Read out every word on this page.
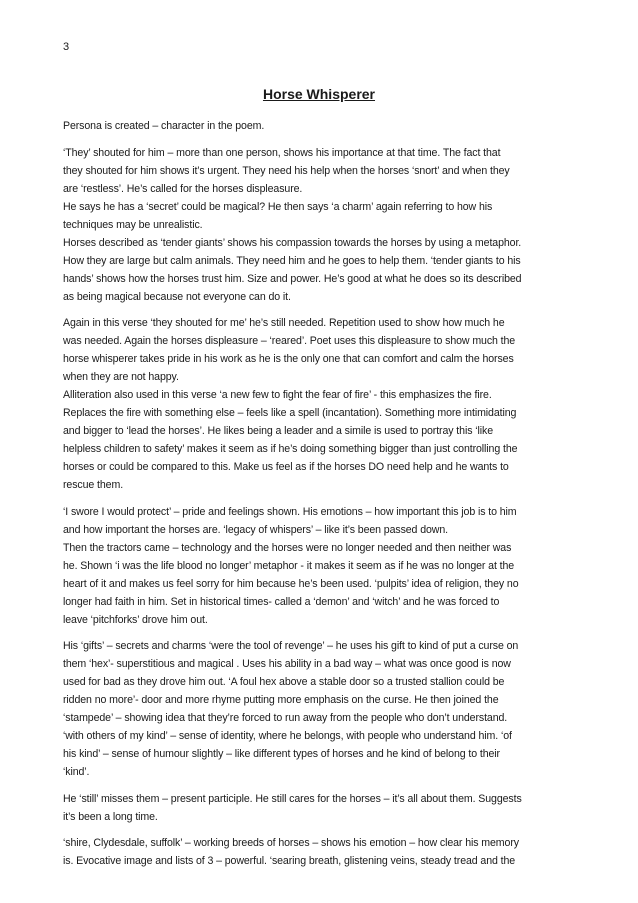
3
Horse Whisperer
Persona is created – character in the poem.
‘They’ shouted for him – more than one person, shows his importance at that time. The fact that
they shouted for him shows it’s urgent. They need his help when the horses ‘snort’ and when they
are ‘restless’. He’s called for the horses displeasure.
He says he has a ‘secret’ could be magical? He then says ‘a charm’ again referring to how his
techniques may be unrealistic.
Horses described as ‘tender giants’ shows his compassion towards the horses by using a metaphor.
How they are large but calm animals. They need him and he goes to help them. ‘tender giants to his
hands’ shows how the horses trust him. Size and power. He’s good at what he does so its described
as being magical because not everyone can do it.
Again in this verse ‘they shouted for me’ he’s still needed. Repetition used to show how much he
was needed. Again the horses displeasure – ‘reared’. Poet uses this displeasure to show much the
horse whisperer takes pride in his work as he is the only one that can comfort and calm the horses
when they are not happy.
Alliteration also used in this verse ‘a new few to fight the fear of fire’ - this emphasizes the fire.
Replaces the fire with something else – feels like a spell (incantation). Something more intimidating
and bigger to ‘lead the horses’. He likes being a leader and a simile is used to portray this ‘like
helpless children to safety’ makes it seem as if he’s doing something bigger than just controlling the
horses or could be compared to this. Make us feel as if the horses DO need help and he wants to
rescue them.
‘I swore I would protect’ – pride and feelings shown. His emotions – how important this job is to him
and how important the horses are. ‘legacy of whispers’ – like it’s been passed down.
Then the tractors came – technology and the horses were no longer needed and then neither was
he. Shown ‘i was the life blood no longer’ metaphor - it makes it seem as if he was no longer at the
heart of it and makes us feel sorry for him because he’s been used. ‘pulpits’ idea of religion, they no
longer had faith in him. Set in historical times- called a ‘demon’ and ‘witch’ and he was forced to
leave ‘pitchforks’ drove him out.
His ‘gifts’ – secrets and charms ‘were the tool of revenge’ – he uses his gift to kind of put a curse on
them ‘hex’- superstitious and magical . Uses his ability in a bad way – what was once good is now
used for bad as they drove him out. ‘A foul hex above a stable door so a trusted stallion could be
ridden no more’- door and more rhyme putting more emphasis on the curse. He then joined the
‘stampede’ – showing idea that they’re forced to run away from the people who don’t understand.
‘with others of my kind’ – sense of identity, where he belongs, with people who understand him. ‘of
his kind’ – sense of humour slightly – like different types of horses and he kind of belong to their
‘kind’.
He ‘still’ misses them – present participle. He still cares for the horses – it’s all about them. Suggests
it’s been a long time.
‘shire, Clydesdale, suffolk’ – working breeds of horses – shows his emotion – how clear his memory
is. Evocative image and lists of 3 – powerful. ‘searing breath, glistening veins, steady tread and the
